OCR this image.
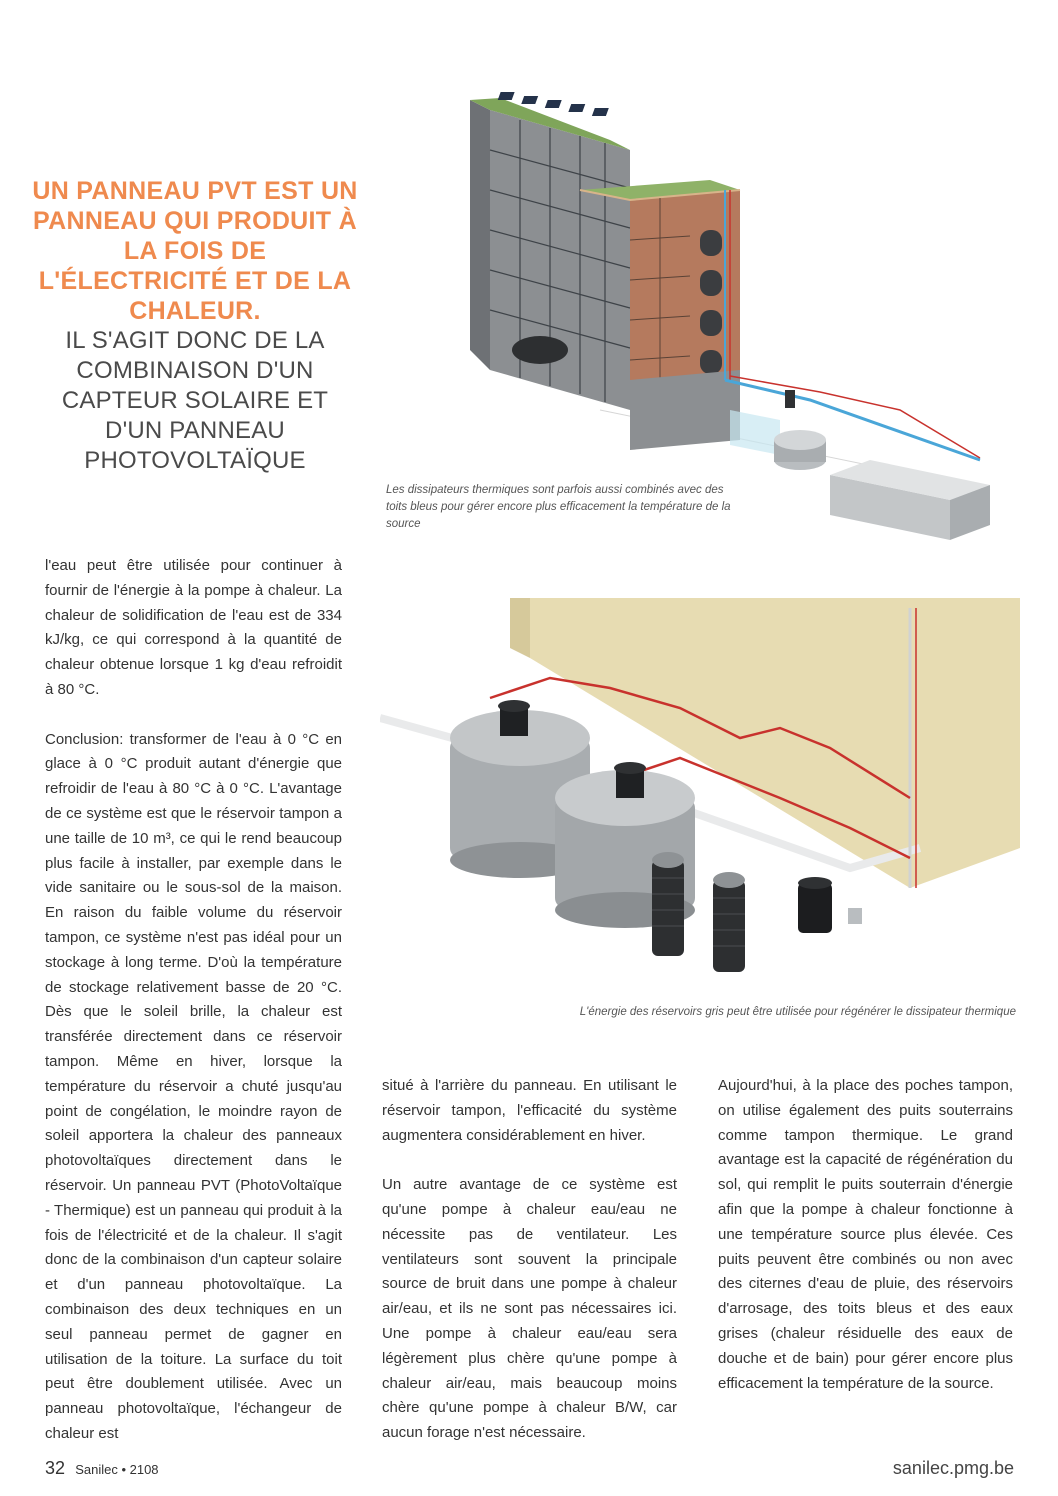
UN PANNEAU PVT EST UN PANNEAU QUI PRODUIT À LA FOIS DE L'ÉLECTRICITÉ ET DE LA CHALEUR.
IL S'AGIT DONC DE LA COMBINAISON D'UN CAPTEUR SOLAIRE ET D'UN PANNEAU PHOTOVOLTAÏQUE
Les dissipateurs thermiques sont parfois aussi combinés avec des toits bleus pour gérer encore plus efficacement la température de la source
L'énergie des réservoirs gris peut être utilisée pour régénérer le dissipateur thermique

l'eau peut être utilisée pour continuer à fournir de l'énergie à la pompe à chaleur. La chaleur de solidification de l'eau est de 334 kJ/kg, ce qui correspond à la quantité de chaleur obtenue lorsque 1 kg d'eau refroidit à 80 °C.

Conclusion: transformer de l'eau à 0 °C en glace à 0 °C produit autant d'énergie que refroidir de l'eau à 80 °C à 0 °C. L'avantage de ce système est que le réservoir tampon a une taille de 10 m³, ce qui le rend beaucoup plus facile à installer, par exemple dans le vide sanitaire ou le sous-sol de la maison. En raison du faible volume du réservoir tampon, ce système n'est pas idéal pour un stockage à long terme. D'où la température de stockage relativement basse de 20 °C. Dès que le soleil brille, la chaleur est transférée directement dans ce réservoir tampon. Même en hiver, lorsque la température du réservoir a chuté jusqu'au point de congélation, le moindre rayon de soleil apportera la chaleur des panneaux photovoltaïques directement dans le réservoir. Un panneau PVT (PhotoVoltaïque - Thermique) est un panneau qui produit à la fois de l'électricité et de la chaleur. Il s'agit donc de la combinaison d'un capteur solaire et d'un panneau photovoltaïque. La combinaison des deux techniques en un seul panneau permet de gagner en utilisation de la toiture. La surface du toit peut être doublement utilisée. Avec un panneau photovoltaïque, l'échangeur de chaleur est

situé à l'arrière du panneau. En utilisant le réservoir tampon, l'efficacité du système augmentera considérablement en hiver.

Un autre avantage de ce système est qu'une pompe à chaleur eau/eau ne nécessite pas de ventilateur. Les ventilateurs sont souvent la principale source de bruit dans une pompe à chaleur air/eau, et ils ne sont pas nécessaires ici. Une pompe à chaleur eau/eau sera légèrement plus chère qu'une pompe à chaleur air/eau, mais beaucoup moins chère qu'une pompe à chaleur B/W, car aucun forage n'est nécessaire.

Aujourd'hui, à la place des poches tampon, on utilise également des puits souterrains comme tampon thermique. Le grand avantage est la capacité de régénération du sol, qui remplit le puits souterrain d'énergie afin que la pompe à chaleur fonctionne à une température source plus élevée. Ces puits peuvent être combinés ou non avec des citernes d'eau de pluie, des réservoirs d'arrosage, des toits bleus et des eaux grises (chaleur résiduelle des eaux de douche et de bain) pour gérer encore plus efficacement la température de la source.

32 Sanilec • 2108	sanilec.pmg.be
